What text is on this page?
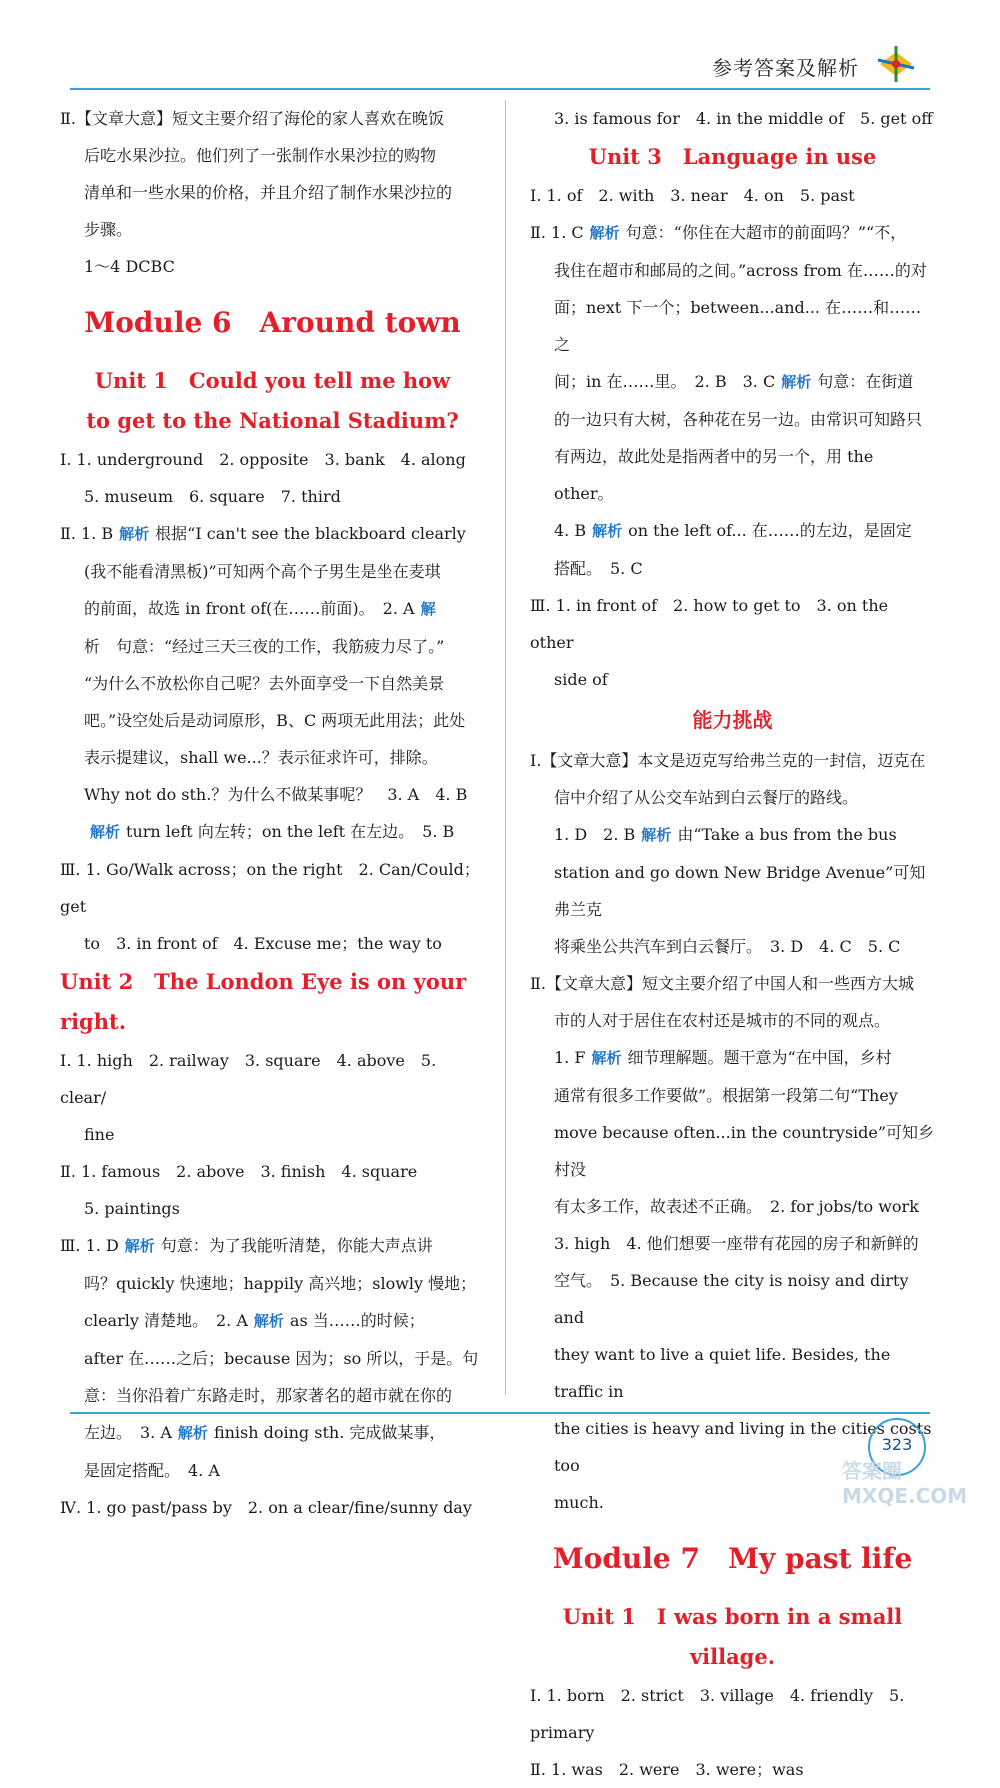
参考答案及解析
Ⅱ.【文章大意】短文主要介绍了海伦的家人喜欢在晚饭
后吃水果沙拉。他们列了一张制作水果沙拉的购物
清单和一些水果的价格，并且介绍了制作水果沙拉的
步骤。
1～4 DCBC
Module 6　Around town
Unit 1　Could you tell me how
to get to the National Stadium?
Ⅰ. 1. underground　2. opposite　3. bank　4. along
5. museum　6. square　7. third
Ⅱ. 1. B 解析 根据“I can't see the blackboard clearly
(我不能看清黑板)”可知两个高个子男生是坐在麦琪
的前面，故选 in front of(在……前面)。　2. A 解
析　句意：“经过三天三夜的工作，我筋疲力尽了。”
“为什么不放松你自己呢？去外面享受一下自然美景
吧。”设空处后是动词原形，B、C 两项无此用法；此处
表示提建议，shall we...？表示征求许可，排除。
Why not do sth.？为什么不做某事呢？　3. A　4. B
解析 turn left 向左转；on the left 在左边。　5. B
Ⅲ. 1. Go/Walk across；on the right　2. Can/Could；get
to　3. in front of　4. Excuse me；the way to
Unit 2　The London Eye is on your right.
Ⅰ. 1. high　2. railway　3. square　4. above　5. clear/
fine
Ⅱ. 1. famous　2. above　3. finish　4. square
5. paintings
Ⅲ. 1. D 解析 句意：为了我能听清楚，你能大声点讲
吗？quickly 快速地；happily 高兴地；slowly 慢地；
clearly 清楚地。　2. A 解析 as 当……的时候；
after 在……之后；because 因为；so 所以，于是。句
意：当你沿着广东路走时，那家著名的超市就在你的
左边。　3. A 解析 finish doing sth. 完成做某事，
是固定搭配。　4. A
Ⅳ. 1. go past/pass by　2. on a clear/fine/sunny day
3. is famous for　4. in the middle of　5. get off
Unit 3　Language in use
Ⅰ. 1. of　2. with　3. near　4. on　5. past
Ⅱ. 1. C 解析 句意：“你住在大超市的前面吗？”“不，
我住在超市和邮局的之间。”across from 在……的对
面；next 下一个；between...and... 在……和……之
间；in 在……里。　2. B　3. C 解析 句意：在街道
的一边只有大树，各种花在另一边。由常识可知路只
有两边，故此处是指两者中的另一个，用 the other。
4. B 解析 on the left of... 在……的左边，是固定
搭配。　5. C
Ⅲ. 1. in front of　2. how to get to　3. on the other
side of
能力挑战
Ⅰ.【文章大意】本文是迈克写给弗兰克的一封信，迈克在
信中介绍了从公交车站到白云餐厅的路线。
1. D　2. B 解析 由“Take a bus from the bus
station and go down New Bridge Avenue”可知弗兰克
将乘坐公共汽车到白云餐厅。　3. D　4. C　5. C
Ⅱ.【文章大意】短文主要介绍了中国人和一些西方大城
市的人对于居住在农村还是城市的不同的观点。
1. F 解析 细节理解题。题干意为“在中国，乡村
通常有很多工作要做”。根据第一段第二句“They
move because often...in the countryside”可知乡村没
有太多工作，故表述不正确。　2. for jobs/to work
3. high　4. 他们想要一座带有花园的房子和新鲜的
空气。　5. Because the city is noisy and dirty and
they want to live a quiet life. Besides, the traffic in
the cities is heavy and living in the cities costs too
much.
Module 7　My past life
Unit 1　I was born in a small village.
Ⅰ. 1. born　2. strict　3. village　4. friendly　5. primary
Ⅱ. 1. was　2. were　3. were；was
323
答案圈 MXQE.COM
